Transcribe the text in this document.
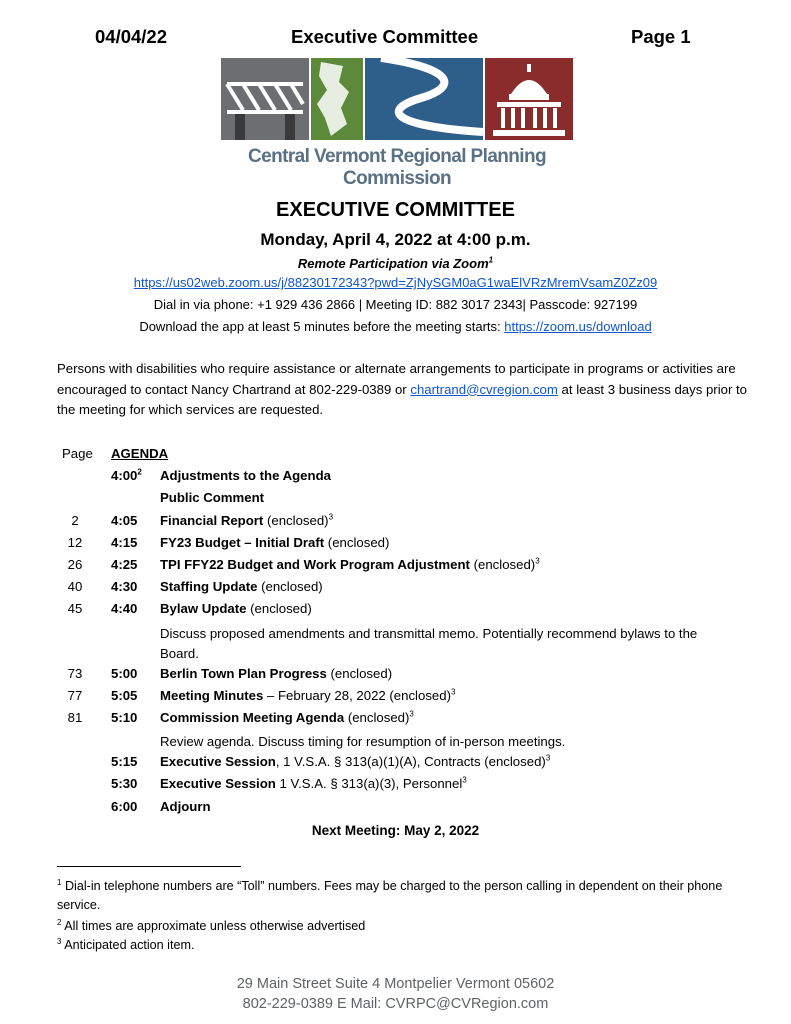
04/04/22	Executive Committee	Page 1
Central Vermont Regional Planning Commission
EXECUTIVE COMMITTEE
Monday, April 4, 2022 at 4:00 p.m.
Remote Participation via Zoom$^1$
https://us02web.zoom.us/j/88230172343?pwd=ZjNySGM0aG1waElVRzMremVsamZ0Zz09
Dial in via phone: +1 929 436 2866 | Meeting ID: 882 3017 2343| Passcode: 927199
Download the app at least 5 minutes before the meeting starts: https://zoom.us/download
Persons with disabilities who require assistance or alternate arrangements to participate in programs or activities are encouraged to contact Nancy Chartrand at 802-229-0389 or chartrand@cvregion.com at least 3 business days prior to the meeting for which services are requested.
Page AGENDA
$4:00^2$ Adjustments to the Agenda
Public Comment
2	4:05 Financial Report (enclosed)$^3$
12	4:15 FY23 Budget – Initial Draft (enclosed)
26	4:25 TPI FFY22 Budget and Work Program Adjustment (enclosed)$^3$
40	4:30 Staffing Update (enclosed)
45	4:40 Bylaw Update (enclosed)
Discuss proposed amendments and transmittal memo. Potentially recommend bylaws to the Board.
73	5:00 Berlin Town Plan Progress (enclosed)
77	5:05 Meeting Minutes – February 28, 2022 (enclosed)$^3$
81	5:10 Commission Meeting Agenda (enclosed)$^3$
Review agenda. Discuss timing for resumption of in-person meetings.
5:15 Executive Session, 1 V.S.A. § 313(a)(1)(A), Contracts (enclosed)$^3$
5:30 Executive Session 1 V.S.A. § 313(a)(3), Personnel$^3$
6:00 Adjourn
Next Meeting: May 2, 2022
$^1$ Dial-in telephone numbers are “Toll” numbers. Fees may be charged to the person calling in dependent on their phone service.
$^2$ All times are approximate unless otherwise advertised
$^3$ Anticipated action item.
29 Main Street Suite 4 Montpelier Vermont 05602
802-229-0389 E Mail: CVRPC@CVRegion.com
